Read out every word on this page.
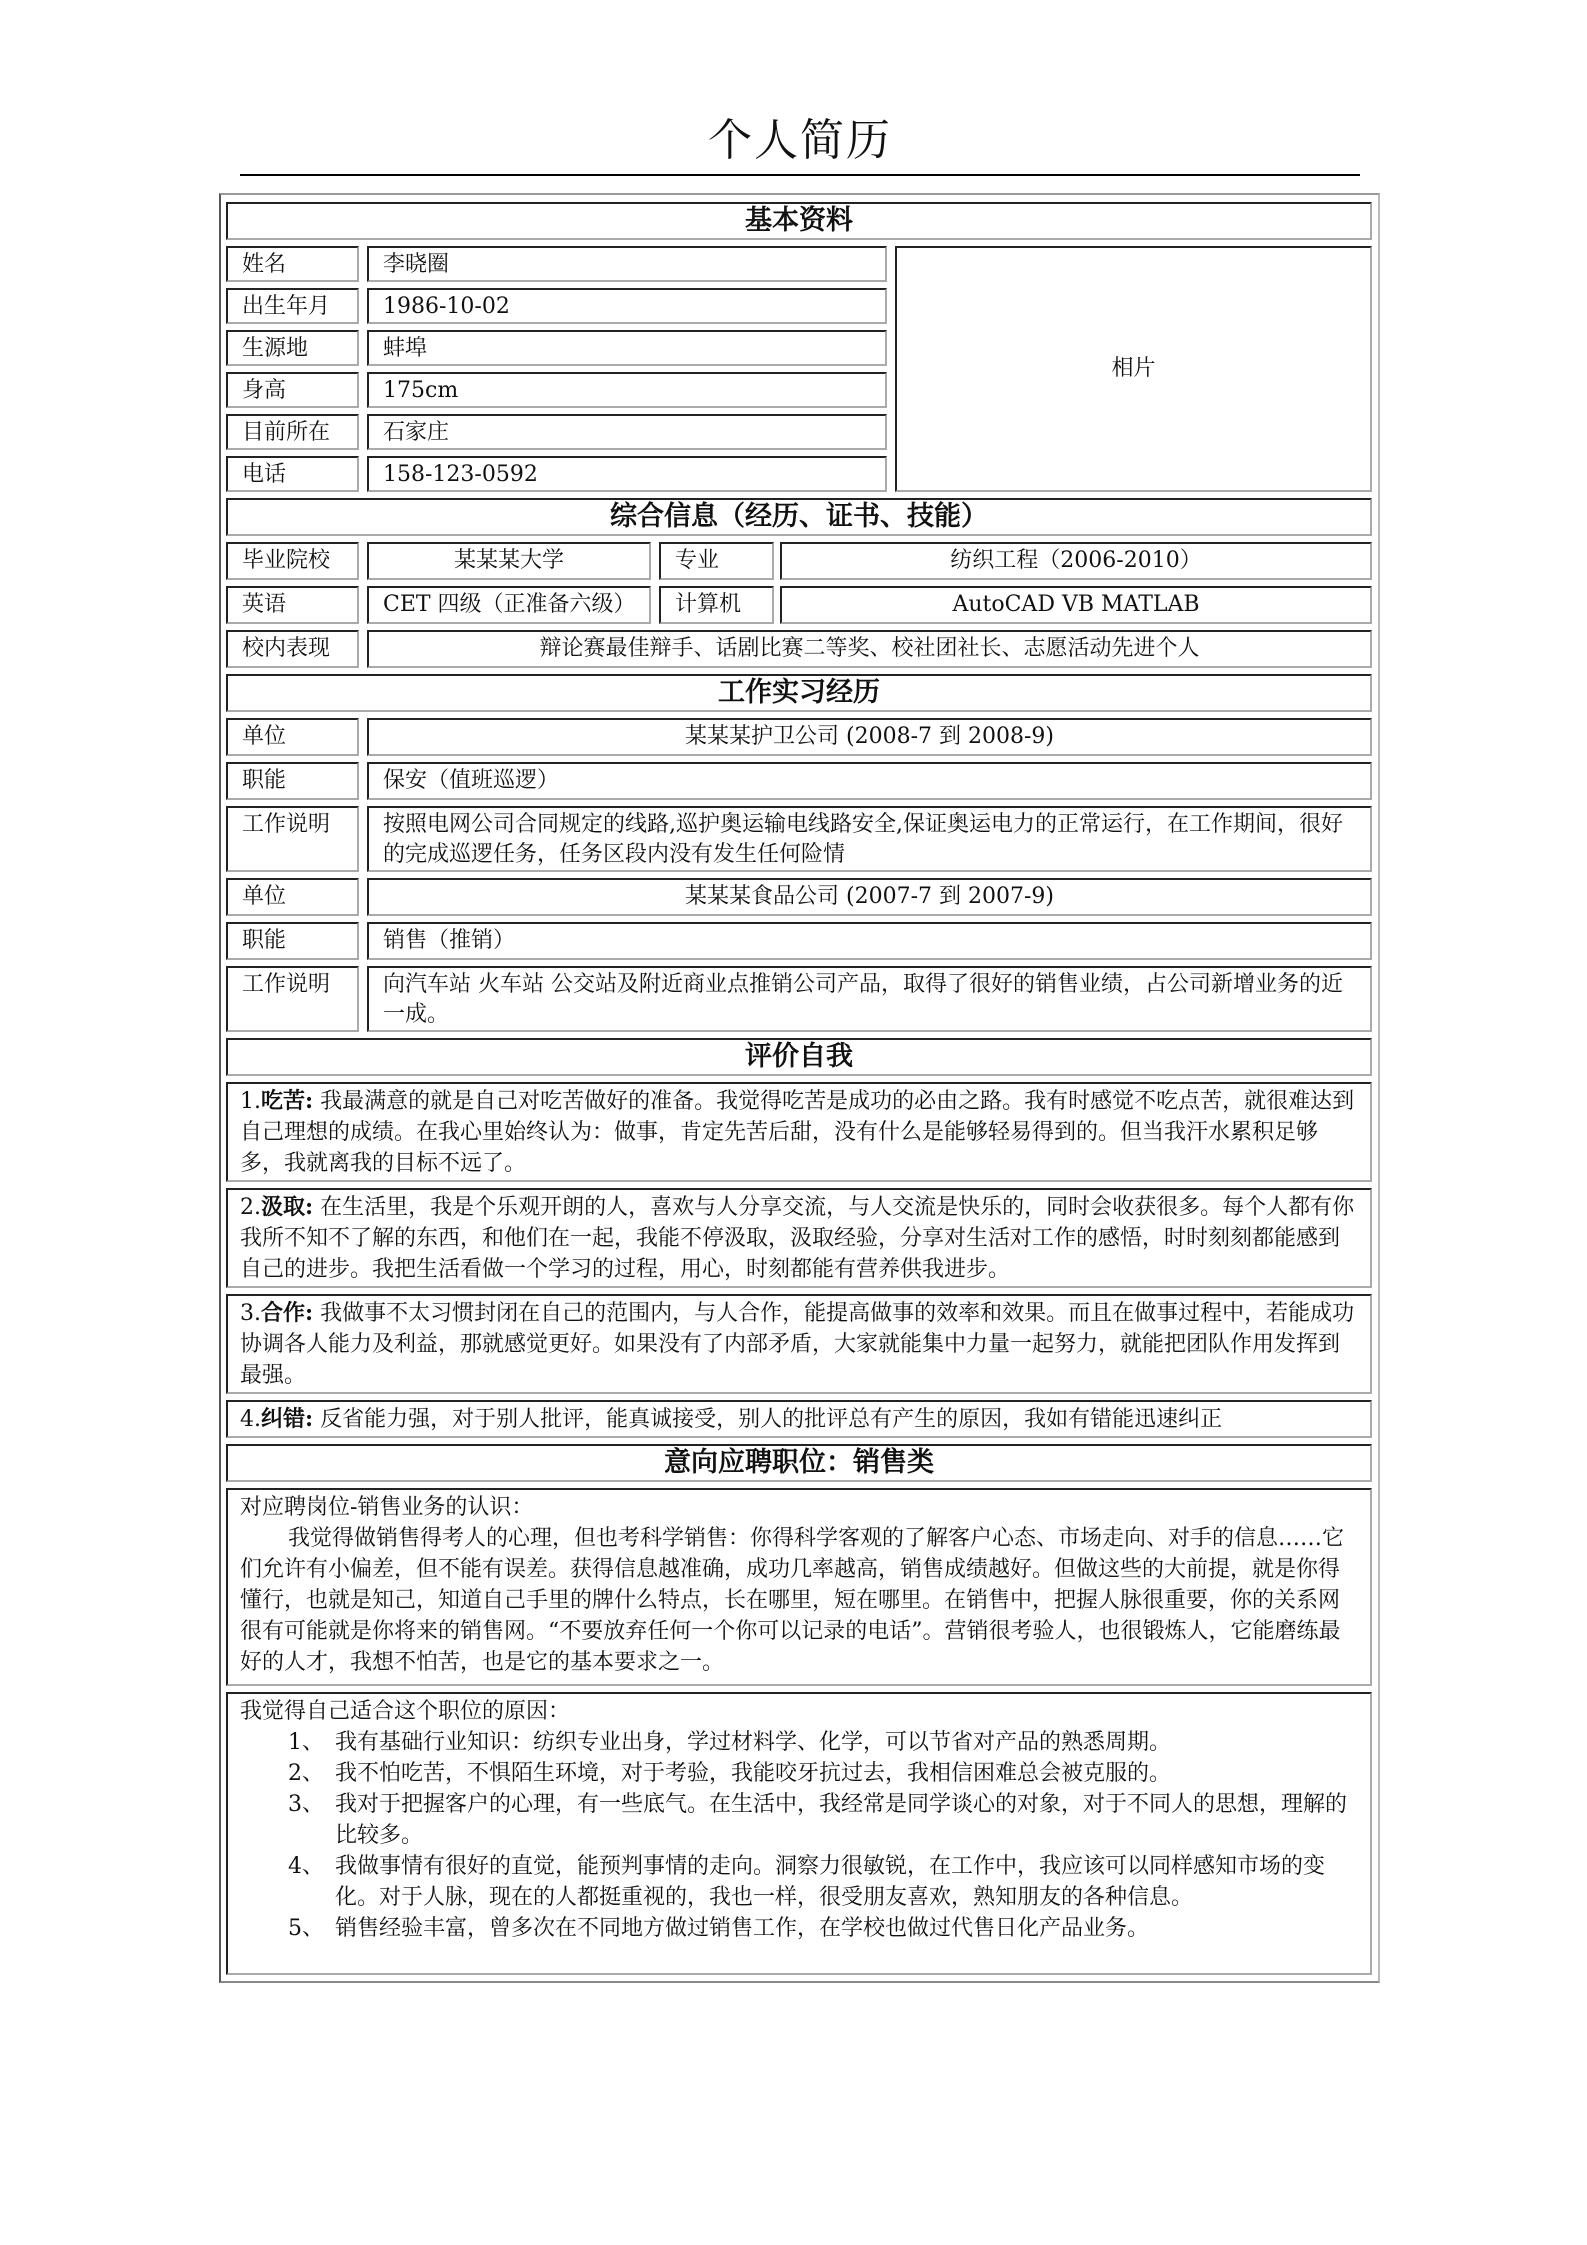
个人简历
基本资料
姓名	李晓圈
出生年月	1986-10-02
生源地	蚌埠
身高	175cm
目前所在	石家庄
电话	158-123-0592
相片
综合信息（经历、证书、技能）
毕业院校	某某某大学	专业	纺织工程（2006-2010）
英语	CET 四级（正准备六级）	计算机	AutoCAD VB MATLAB
校内表现	辩论赛最佳辩手、话剧比赛二等奖、校社团社长、志愿活动先进个人
工作实习经历
单位	某某某护卫公司 (2008-7 到 2008-9)
职能	保安（值班巡逻）
工作说明	按照电网公司合同规定的线路,巡护奥运输电线路安全,保证奥运电力的正常运行，在工作期间，很好的完成巡逻任务，任务区段内没有发生任何险情
单位	某某某食品公司 (2007-7 到 2007-9)
职能	销售（推销）
工作说明	向汽车站 火车站 公交站及附近商业点推销公司产品，取得了很好的销售业绩，占公司新增业务的近一成。
评价自我
1.吃苦: 我最满意的就是自己对吃苦做好的准备。我觉得吃苦是成功的必由之路。我有时感觉不吃点苦，就很难达到自己理想的成绩。在我心里始终认为：做事，肯定先苦后甜，没有什么是能够轻易得到的。但当我汗水累积足够多，我就离我的目标不远了。
2.汲取: 在生活里，我是个乐观开朗的人，喜欢与人分享交流，与人交流是快乐的，同时会收获很多。每个人都有你我所不知不了解的东西，和他们在一起，我能不停汲取，汲取经验，分享对生活对工作的感悟，时时刻刻都能感到自己的进步。我把生活看做一个学习的过程，用心，时刻都能有营养供我进步。
3.合作: 我做事不太习惯封闭在自己的范围内，与人合作，能提高做事的效率和效果。而且在做事过程中，若能成功协调各人能力及利益，那就感觉更好。如果没有了内部矛盾，大家就能集中力量一起努力，就能把团队作用发挥到最强。
4.纠错: 反省能力强，对于别人批评，能真诚接受，别人的批评总有产生的原因，我如有错能迅速纠正
意向应聘职位：销售类
对应聘岗位-销售业务的认识：
我觉得做销售得考人的心理，但也考科学销售：你得科学客观的了解客户心态、市场走向、对手的信息……它们允许有小偏差，但不能有误差。获得信息越准确，成功几率越高，销售成绩越好。但做这些的大前提，就是你得懂行，也就是知己，知道自己手里的牌什么特点，长在哪里，短在哪里。在销售中，把握人脉很重要，你的关系网很有可能就是你将来的销售网。“不要放弃任何一个你可以记录的电话”。营销很考验人，也很锻炼人，它能磨练最好的人才，我想不怕苦，也是它的基本要求之一。
我觉得自己适合这个职位的原因：
1、 我有基础行业知识：纺织专业出身，学过材料学、化学，可以节省对产品的熟悉周期。
2、 我不怕吃苦，不惧陌生环境，对于考验，我能咬牙抗过去，我相信困难总会被克服的。
3、 我对于把握客户的心理，有一些底气。在生活中，我经常是同学谈心的对象，对于不同人的思想，理解的比较多。
4、 我做事情有很好的直觉，能预判事情的走向。洞察力很敏锐，在工作中，我应该可以同样感知市场的变化。对于人脉，现在的人都挺重视的，我也一样，很受朋友喜欢，熟知朋友的各种信息。
5、 销售经验丰富，曾多次在不同地方做过销售工作，在学校也做过代售日化产品业务。
